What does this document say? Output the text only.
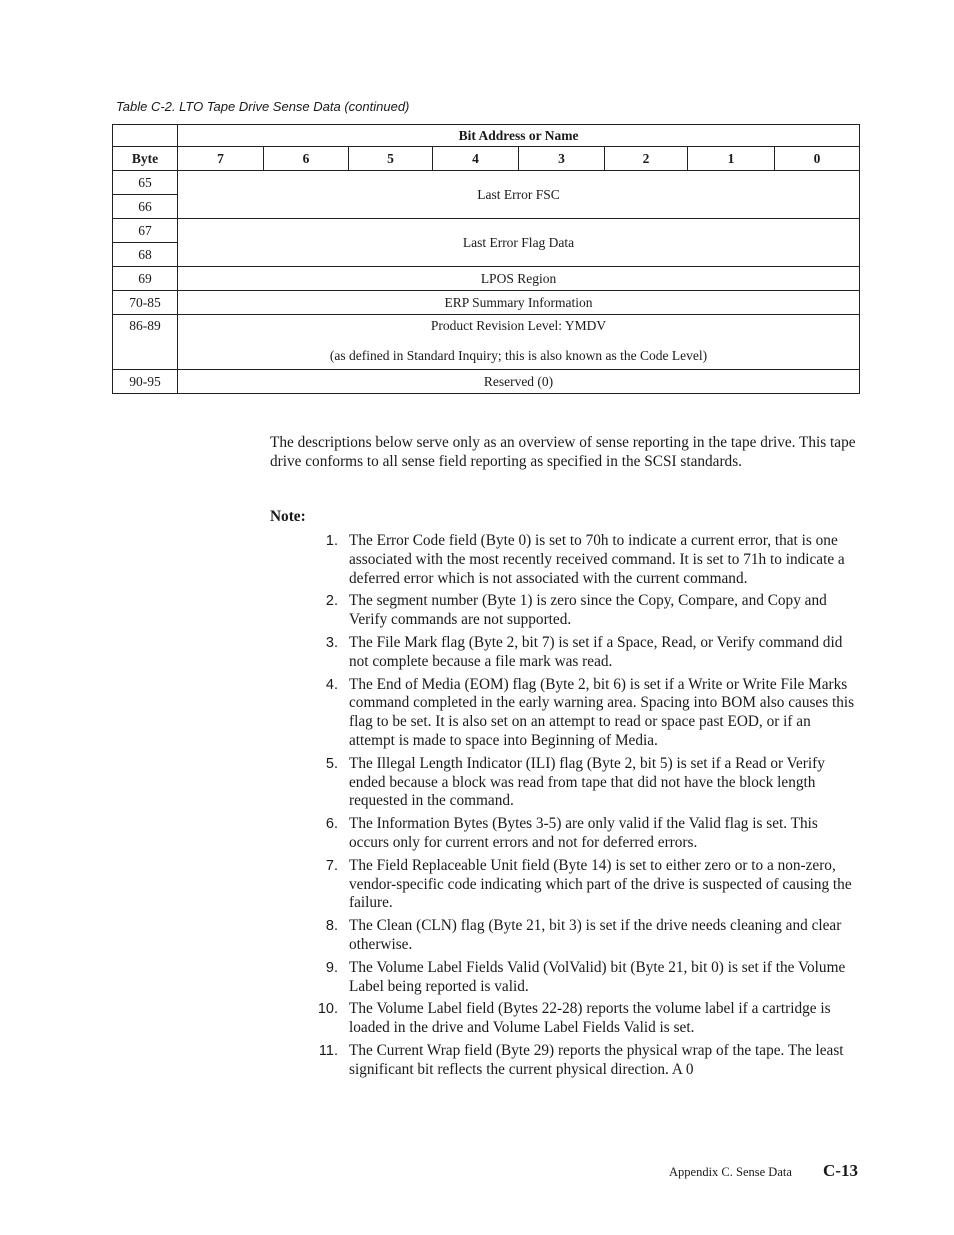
Table C-2. LTO Tape Drive Sense Data (continued)
	Bit Address or Name							
Byte	7	6	5	4	3	2	1	0
65	Last Error FSC							
66								
67	Last Error Flag Data							
68								
69	LPOS Region							
70-85	ERP Summary Information							
86-89	Product Revision Level: YMDV
(as defined in Standard Inquiry; this is also known as the Code Level)							

90-95	Reserved (0)							

The descriptions below serve only as an overview of sense reporting in the tape drive. This tape drive conforms to all sense field reporting as specified in the SCSI standards.

Note:
1. The Error Code field (Byte 0) is set to 70h to indicate a current error, that is one associated with the most recently received command. It is set to 71h to indicate a deferred error which is not associated with the current command.
2. The segment number (Byte 1) is zero since the Copy, Compare, and Copy and Verify commands are not supported.
3. The File Mark flag (Byte 2, bit 7) is set if a Space, Read, or Verify command did not complete because a file mark was read.
4. The End of Media (EOM) flag (Byte 2, bit 6) is set if a Write or Write File Marks command completed in the early warning area. Spacing into BOM also causes this flag to be set. It is also set on an attempt to read or space past EOD, or if an attempt is made to space into Beginning of Media.
5. The Illegal Length Indicator (ILI) flag (Byte 2, bit 5) is set if a Read or Verify ended because a block was read from tape that did not have the block length requested in the command.
6. The Information Bytes (Bytes 3-5) are only valid if the Valid flag is set. This occurs only for current errors and not for deferred errors.
7. The Field Replaceable Unit field (Byte 14) is set to either zero or to a non-zero, vendor-specific code indicating which part of the drive is suspected of causing the failure.
8. The Clean (CLN) flag (Byte 21, bit 3) is set if the drive needs cleaning and clear otherwise.
9. The Volume Label Fields Valid (VolValid) bit (Byte 21, bit 0) is set if the Volume Label being reported is valid.
10. The Volume Label field (Bytes 22-28) reports the volume label if a cartridge is loaded in the drive and Volume Label Fields Valid is set.
11. The Current Wrap field (Byte 29) reports the physical wrap of the tape. The least significant bit reflects the current physical direction. A 0
Appendix C. Sense Data C-13
